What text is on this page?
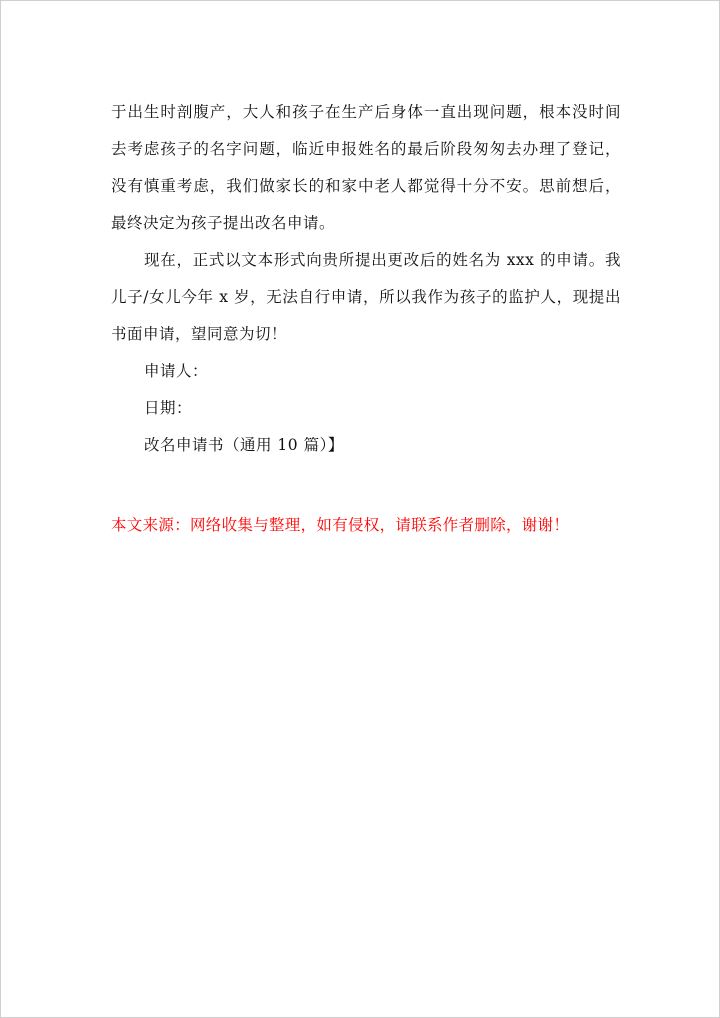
于出生时剖腹产，大人和孩子在生产后身体一直出现问题，根本没时间去考虑孩子的名字问题，临近申报姓名的最后阶段匆匆去办理了登记，没有慎重考虑，我们做家长的和家中老人都觉得十分不安。思前想后，最终决定为孩子提出改名申请。

现在，正式以文本形式向贵所提出更改后的姓名为 xxx 的申请。我儿子/女儿今年 x 岁，无法自行申请，所以我作为孩子的监护人，现提出书面申请，望同意为切！

申请人：

日期：

改名申请书（通用 10 篇）】

本文来源：网络收集与整理，如有侵权，请联系作者删除，谢谢！
